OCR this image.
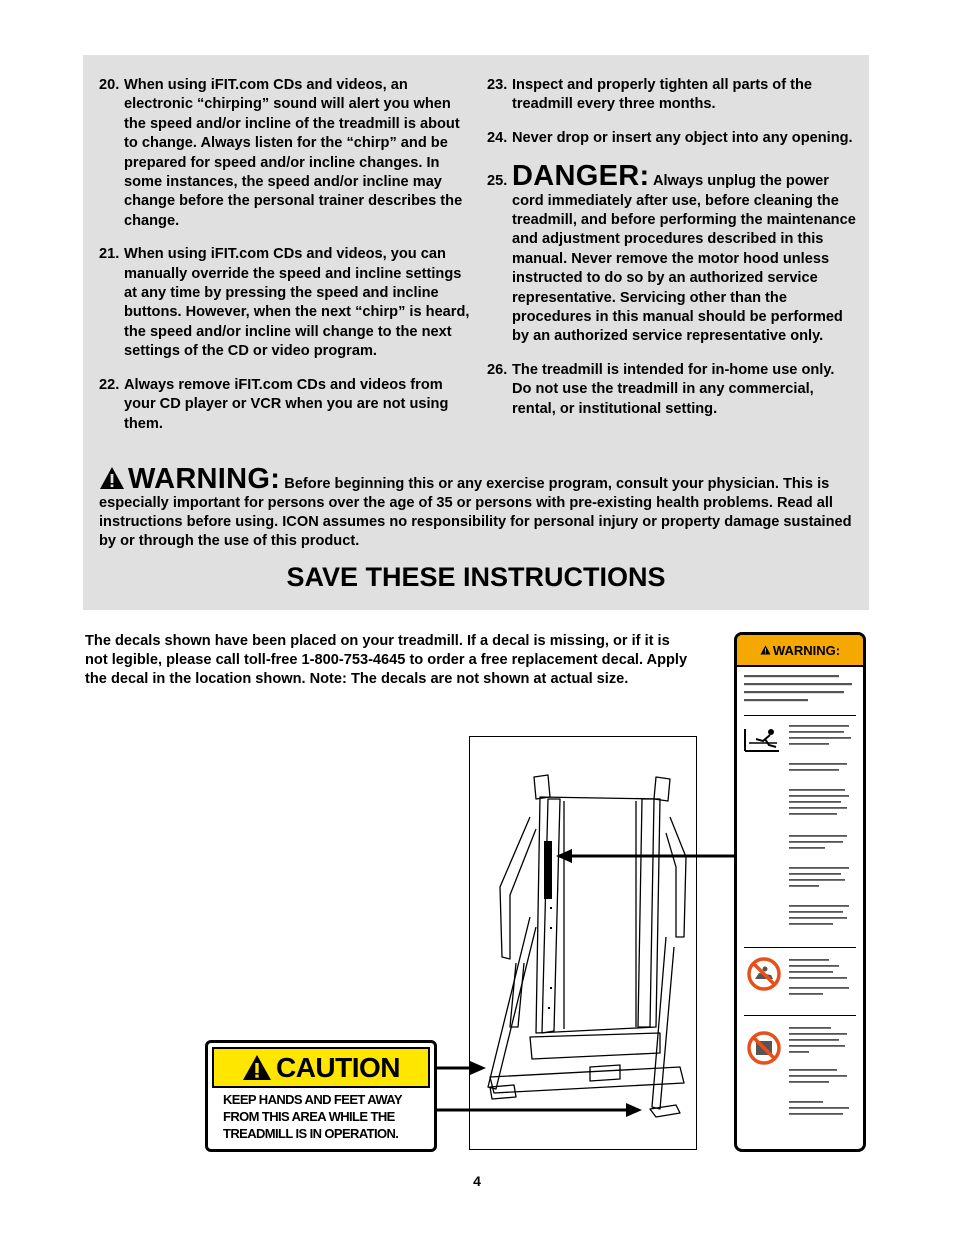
20. When using iFIT.com CDs and videos, an electronic “chirping” sound will alert you when the speed and/or incline of the treadmill is about to change. Always listen for the “chirp” and be prepared for speed and/or incline changes. In some instances, the speed and/or incline may change before the personal trainer describes the change.
21. When using iFIT.com CDs and videos, you can manually override the speed and incline settings at any time by pressing the speed and incline buttons. However, when the next “chirp” is heard, the speed and/or incline will change to the next settings of the CD or video program.
22. Always remove iFIT.com CDs and videos from your CD player or VCR when you are not using them.
23. Inspect and properly tighten all parts of the treadmill every three months.
24. Never drop or insert any object into any opening.
25. DANGER: Always unplug the power cord immediately after use, before cleaning the treadmill, and before performing the maintenance and adjustment procedures described in this manual. Never remove the motor hood unless instructed to do so by an authorized service representative. Servicing other than the procedures in this manual should be performed by an authorized service representative only.
26. The treadmill is intended for in-home use only. Do not use the treadmill in any commercial, rental, or institutional setting.
WARNING: Before beginning this or any exercise program, consult your physician. This is especially important for persons over the age of 35 or persons with pre-existing health problems. Read all instructions before using. ICON assumes no responsibility for personal injury or property damage sustained by or through the use of this product.
SAVE THESE INSTRUCTIONS
The decals shown have been placed on your treadmill. If a decal is missing, or if it is not legible, please call toll-free 1-800-753-4645 to order a free replacement decal. Apply the decal in the location shown. Note: The decals are not shown at actual size.
WARNING:
CAUTION
KEEP HANDS AND FEET AWAY
FROM THIS AREA WHILE THE
TREADMILL IS IN OPERATION.
4
